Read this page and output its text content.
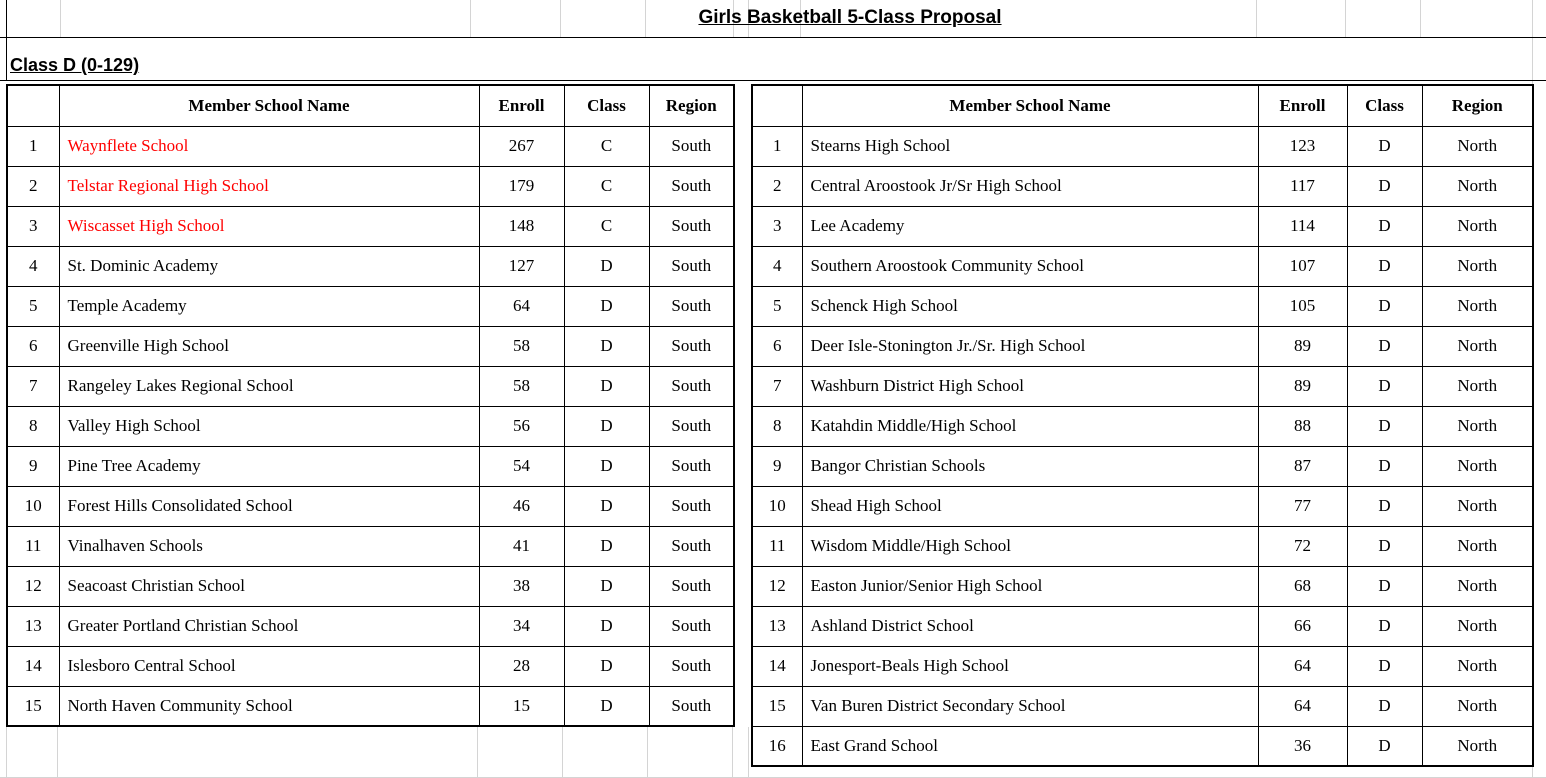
Girls Basketball 5-Class Proposal
Class D (0-129)
	Member School Name	Enroll	Class	Region
1	Waynflete School	267	C	South
2	Telstar Regional High School	179	C	South
3	Wiscasset High School	148	C	South
4	St. Dominic Academy	127	D	South
5	Temple Academy	64	D	South
6	Greenville High School	58	D	South
7	Rangeley Lakes Regional School	58	D	South
8	Valley High School	56	D	South
9	Pine Tree Academy	54	D	South
10	Forest Hills Consolidated School	46	D	South
11	Vinalhaven Schools	41	D	South
12	Seacoast Christian School	38	D	South
13	Greater Portland Christian School	34	D	South
14	Islesboro Central School	28	D	South
15	North Haven Community School	15	D	South
	Member School Name	Enroll	Class	Region
1	Stearns High School	123	D	North
2	Central Aroostook Jr/Sr High School	117	D	North
3	Lee Academy	114	D	North
4	Southern Aroostook Community School	107	D	North
5	Schenck High School	105	D	North
6	Deer Isle-Stonington Jr./Sr. High School	89	D	North
7	Washburn District High School	89	D	North
8	Katahdin Middle/High School	88	D	North
9	Bangor Christian Schools	87	D	North
10	Shead High School	77	D	North
11	Wisdom Middle/High School	72	D	North
12	Easton Junior/Senior High School	68	D	North
13	Ashland District School	66	D	North
14	Jonesport-Beals High School	64	D	North
15	Van Buren District Secondary School	64	D	North
16	East Grand School	36	D	North
